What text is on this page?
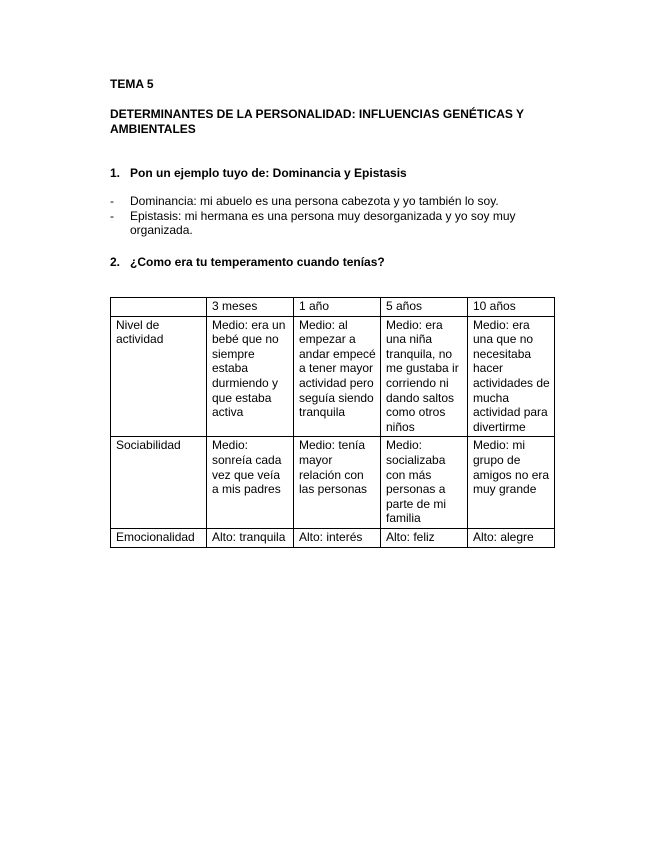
TEMA 5
DETERMINANTES DE LA PERSONALIDAD: INFLUENCIAS GENÉTICAS Y AMBIENTALES
1. Pon un ejemplo tuyo de: Dominancia y Epistasis
- Dominancia: mi abuelo es una persona cabezota y yo también lo soy.
- Epistasis: mi hermana es una persona muy desorganizada y yo soy muy organizada.
2. ¿Como era tu temperamento cuando tenías?
	3 meses	1 año	5 años	10 años
Nivel de actividad	Medio: era un bebé que no siempre estaba durmiendo y que estaba activa	Medio: al empezar a andar empecé a tener mayor actividad pero seguía siendo tranquila	Medio: era una niña tranquila, no me gustaba ir corriendo ni dando saltos como otros niños	Medio: era una que no necesitaba hacer actividades de mucha actividad para divertirme
Sociabilidad	Medio: sonreía cada vez que veía a mis padres	Medio: tenía mayor relación con las personas	Medio: socializaba con más personas a parte de mi familia	Medio: mi grupo de amigos no era muy grande
Emocionalidad	Alto: tranquila	Alto: interés	Alto: feliz	Alto: alegre
